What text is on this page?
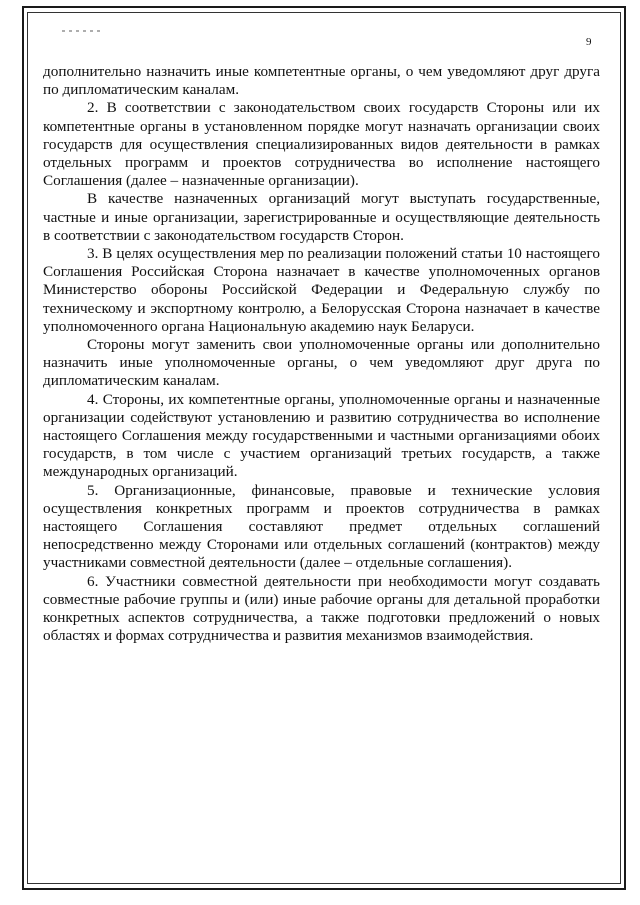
9

дополнительно назначить иные компетентные органы, о чем уведомляют друг друга по дипломатическим каналам.

2. В соответствии с законодательством своих государств Стороны или их компетентные органы в установленном порядке могут назначать организации своих государств для осуществления специализированных видов деятельности в рамках отдельных программ и проектов сотрудничества во исполнение настоящего Соглашения (далее – назначенные организации).

В качестве назначенных организаций могут выступать государственные, частные и иные организации, зарегистрированные и осуществляющие деятельность в соответствии с законодательством государств Сторон.

3. В целях осуществления мер по реализации положений статьи 10 настоящего Соглашения Российская Сторона назначает в качестве уполномоченных органов Министерство обороны Российской Федерации и Федеральную службу по техническому и экспортному контролю, а Белорусская Сторона назначает в качестве уполномоченного органа Национальную академию наук Беларуси.

Стороны могут заменить свои уполномоченные органы или дополнительно назначить иные уполномоченные органы, о чем уведомляют друг друга по дипломатическим каналам.

4. Стороны, их компетентные органы, уполномоченные органы и назначенные организации содействуют установлению и развитию сотрудничества во исполнение настоящего Соглашения между государственными и частными организациями обоих государств, в том числе с участием организаций третьих государств, а также международных организаций.

5. Организационные, финансовые, правовые и технические условия осуществления конкретных программ и проектов сотрудничества в рамках настоящего Соглашения составляют предмет отдельных соглашений непосредственно между Сторонами или отдельных соглашений (контрактов) между участниками совместной деятельности (далее – отдельные соглашения).

6. Участники совместной деятельности при необходимости могут создавать совместные рабочие группы и (или) иные рабочие органы для детальной проработки конкретных аспектов сотрудничества, а также подготовки предложений о новых областях и формах сотрудничества и развития механизмов взаимодействия.
